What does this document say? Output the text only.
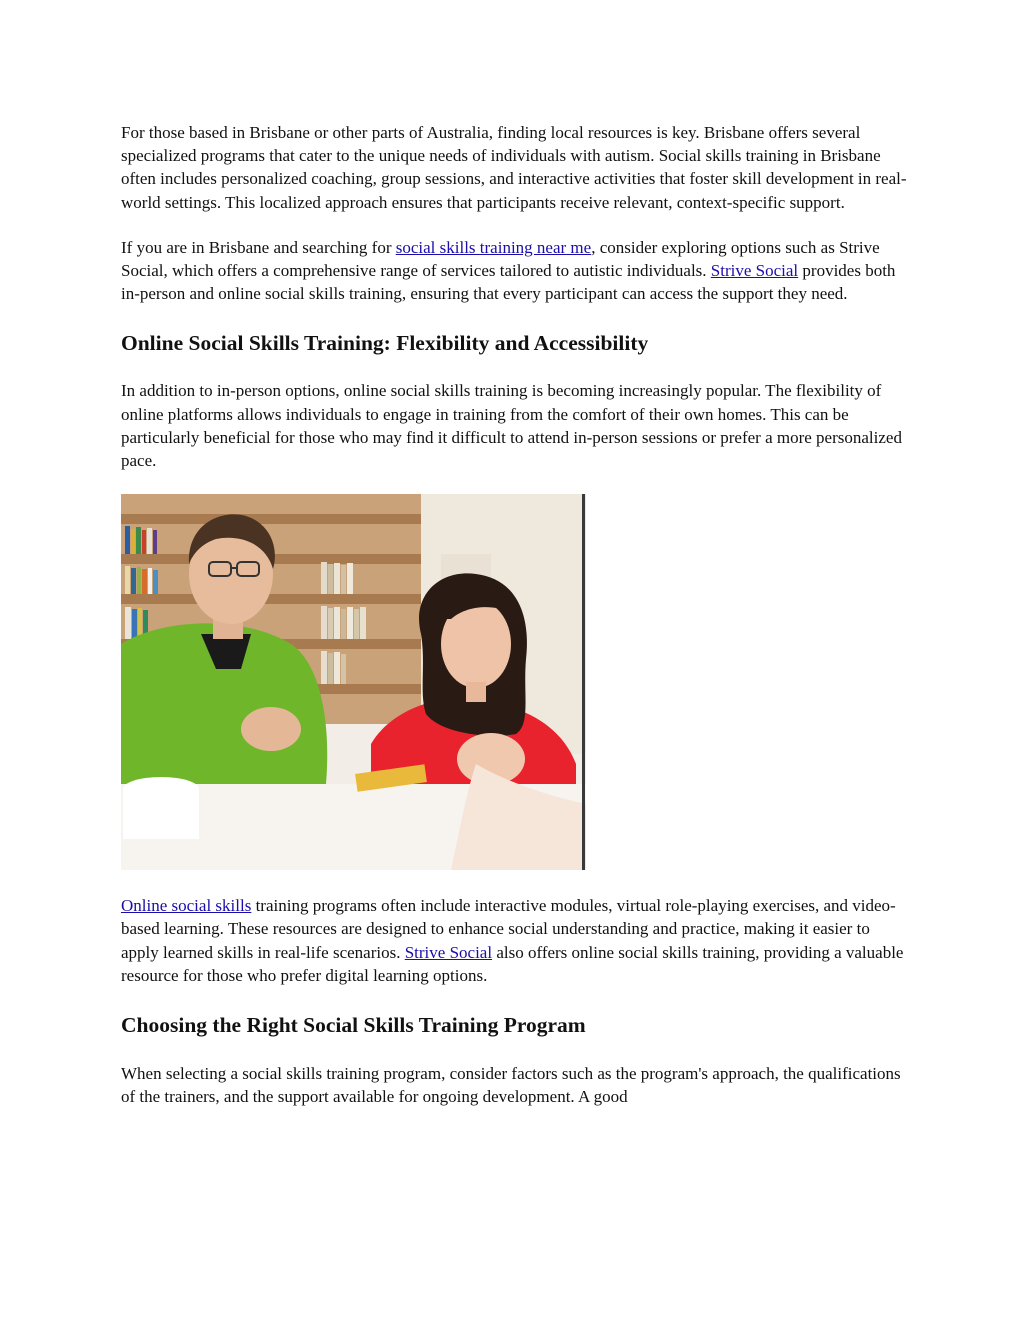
For those based in Brisbane or other parts of Australia, finding local resources is key. Brisbane offers several specialized programs that cater to the unique needs of individuals with autism. Social skills training in Brisbane often includes personalized coaching, group sessions, and interactive activities that foster skill development in real-world settings. This localized approach ensures that participants receive relevant, context-specific support.

If you are in Brisbane and searching for social skills training near me, consider exploring options such as Strive Social, which offers a comprehensive range of services tailored to autistic individuals. Strive Social provides both in-person and online social skills training, ensuring that every participant can access the support they need.

Online Social Skills Training: Flexibility and Accessibility

In addition to in-person options, online social skills training is becoming increasingly popular. The flexibility of online platforms allows individuals to engage in training from the comfort of their own homes. This can be particularly beneficial for those who may find it difficult to attend in-person sessions or prefer a more personalized pace.

Online social skills training programs often include interactive modules, virtual role-playing exercises, and video-based learning. These resources are designed to enhance social understanding and practice, making it easier to apply learned skills in real-life scenarios. Strive Social also offers online social skills training, providing a valuable resource for those who prefer digital learning options.

Choosing the Right Social Skills Training Program

When selecting a social skills training program, consider factors such as the program's approach, the qualifications of the trainers, and the support available for ongoing development. A good
